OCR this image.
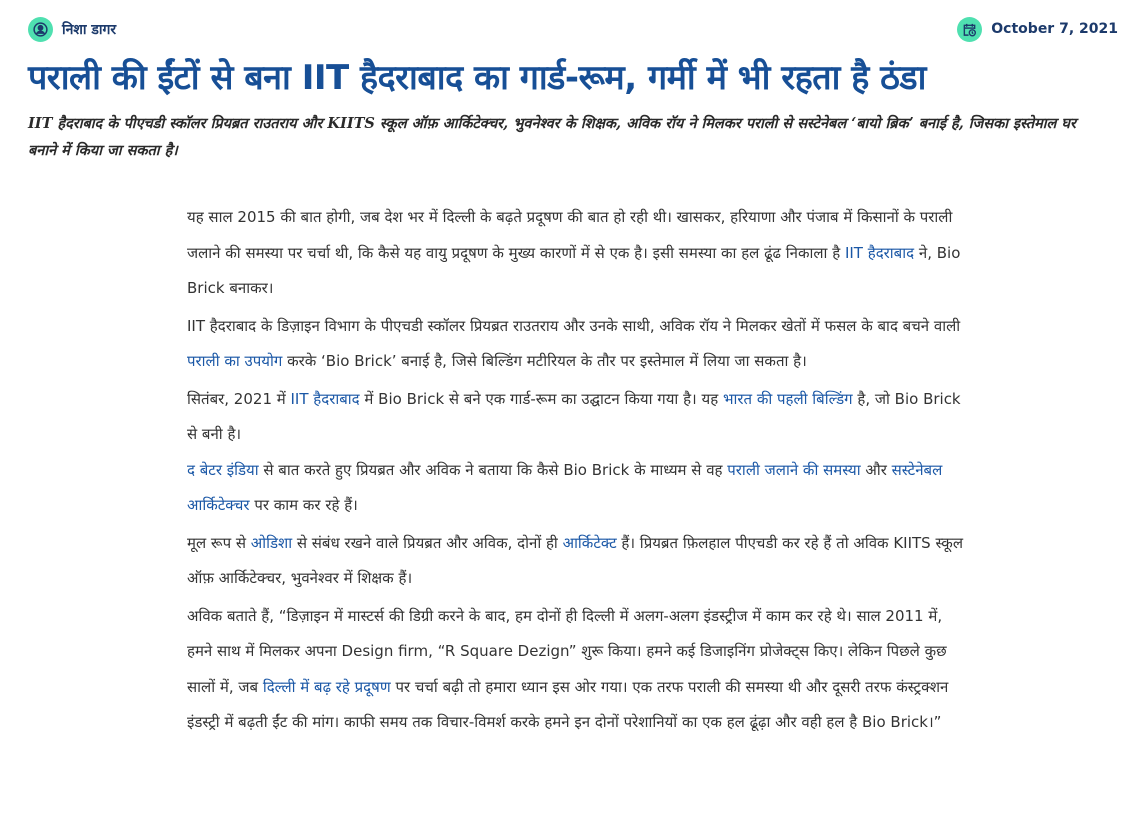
निशा डागर	October 7, 2021
पराली की ईंटों से बना IIT हैदराबाद का गार्ड-रूम, गर्मी में भी रहता है ठंडा
IIT हैदराबाद के पीएचडी स्कॉलर प्रियब्रत राउतराय और KIITS स्कूल ऑफ़ आर्किटेक्चर, भुवनेश्वर के शिक्षक, अविक रॉय ने मिलकर पराली से सस्टेनेबल ‘बायो ब्रिक’ बनाई है, जिसका इस्तेमाल घर बनाने में किया जा सकता है।

यह साल 2015 की बात होगी, जब देश भर में दिल्ली के बढ़ते प्रदूषण की बात हो रही थी। खासकर, हरियाणा और पंजाब में किसानों के पराली जलाने की समस्या पर चर्चा थी, कि कैसे यह वायु प्रदूषण के मुख्य कारणों में से एक है। इसी समस्या का हल ढूंढ निकाला है IIT हैदराबाद ने, Bio Brick बनाकर।

IIT हैदराबाद के डिज़ाइन विभाग के पीएचडी स्कॉलर प्रियब्रत राउतराय और उनके साथी, अविक रॉय ने मिलकर खेतों में फसल के बाद बचने वाली पराली का उपयोग करके ‘Bio Brick’ बनाई है, जिसे बिल्डिंग मटीरियल के तौर पर इस्तेमाल में लिया जा सकता है।

सितंबर, 2021 में IIT हैदराबाद में Bio Brick से बने एक गार्ड-रूम का उद्घाटन किया गया है। यह भारत की पहली बिल्डिंग है, जो Bio Brick से बनी है।

द बेटर इंडिया से बात करते हुए प्रियब्रत और अविक ने बताया कि कैसे Bio Brick के माध्यम से वह पराली जलाने की समस्या और सस्टेनेबल आर्किटेक्चर पर काम कर रहे हैं।

मूल रूप से ओडिशा से संबंध रखने वाले प्रियब्रत और अविक, दोनों ही आर्किटेक्ट हैं। प्रियब्रत फ़िलहाल पीएचडी कर रहे हैं तो अविक KIITS स्कूल ऑफ़ आर्किटेक्चर, भुवनेश्वर में शिक्षक हैं।

अविक बताते हैं, “डिज़ाइन में मास्टर्स की डिग्री करने के बाद, हम दोनों ही दिल्ली में अलग-अलग इंडस्ट्रीज में काम कर रहे थे। साल 2011 में, हमने साथ में मिलकर अपना Design firm, “R Square Dezign” शुरू किया। हमने कई डिजाइनिंग प्रोजेक्ट्स किए। लेकिन पिछले कुछ सालों में, जब दिल्ली में बढ़ रहे प्रदूषण पर चर्चा बढ़ी तो हमारा ध्यान इस ओर गया। एक तरफ पराली की समस्या थी और दूसरी तरफ कंस्ट्रक्शन इंडस्ट्री में बढ़ती ईंट की मांग। काफी समय तक विचार-विमर्श करके हमने इन दोनों परेशानियों का एक हल ढूंढ़ा और वही हल है Bio Brick।”
